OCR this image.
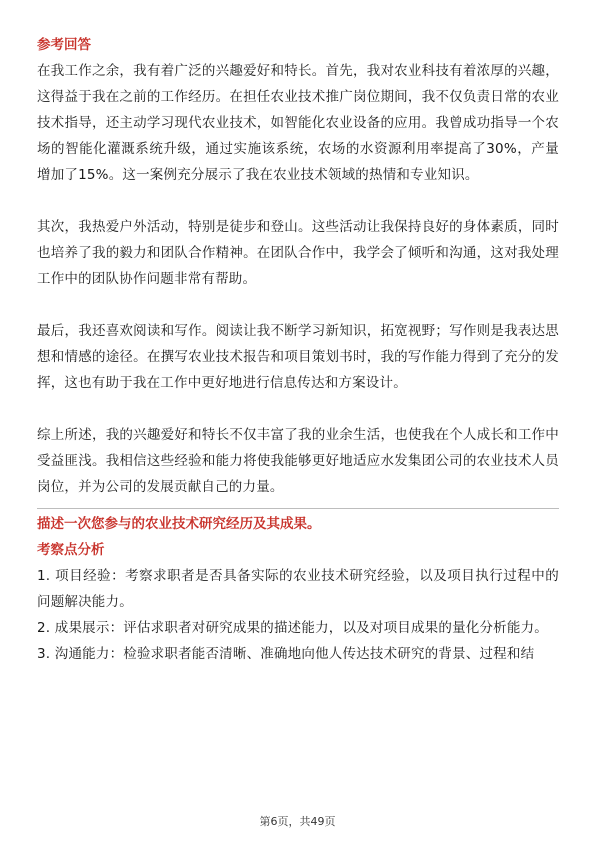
参考回答

在我工作之余，我有着广泛的兴趣爱好和特长。首先，我对农业科技有着浓厚的兴趣，这得益于我在之前的工作经历。在担任农业技术推广岗位期间，我不仅负责日常的农业技术指导，还主动学习现代农业技术，如智能化农业设备的应用。我曾成功指导一个农场的智能化灌溉系统升级，通过实施该系统，农场的水资源利用率提高了30%，产量增加了15%。这一案例充分展示了我在农业技术领域的热情和专业知识。

其次，我热爱户外活动，特别是徒步和登山。这些活动让我保持良好的身体素质，同时也培养了我的毅力和团队合作精神。在团队合作中，我学会了倾听和沟通，这对我处理工作中的团队协作问题非常有帮助。

最后，我还喜欢阅读和写作。阅读让我不断学习新知识，拓宽视野；写作则是我表达思想和情感的途径。在撰写农业技术报告和项目策划书时，我的写作能力得到了充分的发挥，这也有助于我在工作中更好地进行信息传达和方案设计。

综上所述，我的兴趣爱好和特长不仅丰富了我的业余生活，也使我在个人成长和工作中受益匪浅。我相信这些经验和能力将使我能够更好地适应水发集团公司的农业技术人员岗位，并为公司的发展贡献自己的力量。

描述一次您参与的农业技术研究经历及其成果。

考察点分析

1. 项目经验：考察求职者是否具备实际的农业技术研究经验，以及项目执行过程中的问题解决能力。

2. 成果展示：评估求职者对研究成果的描述能力，以及对项目成果的量化分析能力。

3. 沟通能力：检验求职者能否清晰、准确地向他人传达技术研究的背景、过程和结

第6页，共49页
